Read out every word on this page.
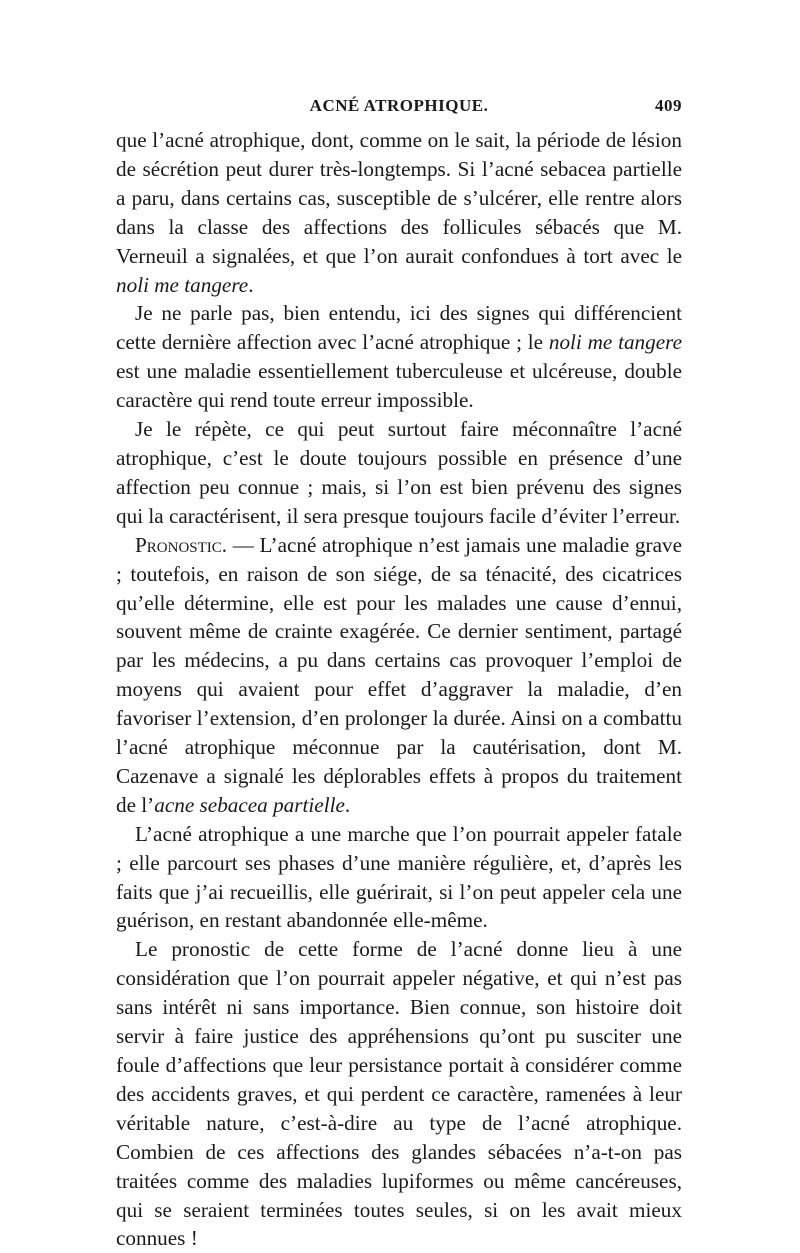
ACNÉ ATROPHIQUE.	409

que l’acné atrophique, dont, comme on le sait, la période de lésion de sécrétion peut durer très-longtemps. Si l’acné sebacea partielle a paru, dans certains cas, susceptible de s’ulcérer, elle rentre alors dans la classe des affections des follicules sébacés que M. Verneuil a signalées, et que l’on aurait confondues à tort avec le noli me tangere.

Je ne parle pas, bien entendu, ici des signes qui différencient cette dernière affection avec l’acné atrophique ; le noli me tangere est une maladie essentiellement tuberculeuse et ulcéreuse, double caractère qui rend toute erreur impossible.

Je le répète, ce qui peut surtout faire méconnaître l’acné atrophique, c’est le doute toujours possible en présence d’une affection peu connue ; mais, si l’on est bien prévenu des signes qui la caractérisent, il sera presque toujours facile d’éviter l’erreur.

Pronostic. — L’acné atrophique n’est jamais une maladie grave ; toutefois, en raison de son siége, de sa ténacité, des cicatrices qu’elle détermine, elle est pour les malades une cause d’ennui, souvent même de crainte exagérée. Ce dernier sentiment, partagé par les médecins, a pu dans certains cas provoquer l’emploi de moyens qui avaient pour effet d’aggraver la maladie, d’en favoriser l’extension, d’en prolonger la durée. Ainsi on a combattu l’acné atrophique méconnue par la cautérisation, dont M. Cazenave a signalé les déplorables effets à propos du traitement de l’acne sebacea partielle.

L’acné atrophique a une marche que l’on pourrait appeler fatale ; elle parcourt ses phases d’une manière régulière, et, d’après les faits que j’ai recueillis, elle guérirait, si l’on peut appeler cela une guérison, en restant abandonnée elle-même.

Le pronostic de cette forme de l’acné donne lieu à une considération que l’on pourrait appeler négative, et qui n’est pas sans intérêt ni sans importance. Bien connue, son histoire doit servir à faire justice des appréhensions qu’ont pu susciter une foule d’affections que leur persistance portait à considérer comme des accidents graves, et qui perdent ce caractère, ramenées à leur véritable nature, c’est-à-dire au type de l’acné atrophique. Combien de ces affections des glandes sébacées n’a-t-on pas traitées comme des maladies lupiformes ou même cancéreuses, qui se seraient terminées toutes seules, si on les avait mieux connues !
